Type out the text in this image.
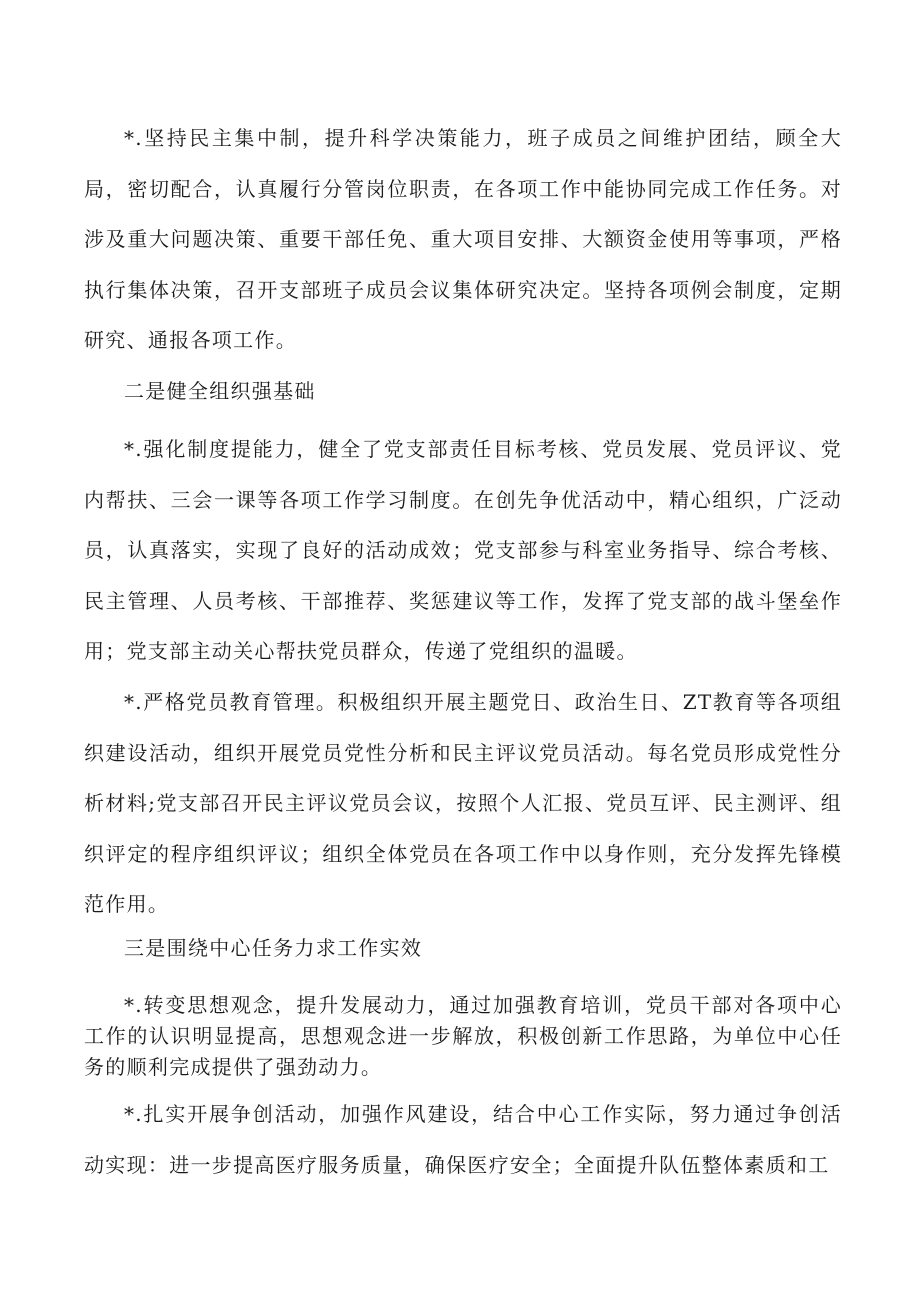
*.坚持民主集中制，提升科学决策能力，班子成员之间维护团结，顾全大局，密切配合，认真履行分管岗位职责，在各项工作中能协同完成工作任务。对涉及重大问题决策、重要干部任免、重大项目安排、大额资金使用等事项，严格执行集体决策，召开支部班子成员会议集体研究决定。坚持各项例会制度，定期研究、通报各项工作。

二是健全组织强基础

*.强化制度提能力，健全了党支部责任目标考核、党员发展、党员评议、党内帮扶、三会一课等各项工作学习制度。在创先争优活动中，精心组织，广泛动员，认真落实，实现了良好的活动成效；党支部参与科室业务指导、综合考核、民主管理、人员考核、干部推荐、奖惩建议等工作，发挥了党支部的战斗堡垒作用；党支部主动关心帮扶党员群众，传递了党组织的温暖。

*.严格党员教育管理。积极组织开展主题党日、政治生日、ZT教育等各项组织建设活动，组织开展党员党性分析和民主评议党员活动。每名党员形成党性分析材料;党支部召开民主评议党员会议，按照个人汇报、党员互评、民主测评、组织评定的程序组织评议；组织全体党员在各项工作中以身作则，充分发挥先锋模范作用。

三是围绕中心任务力求工作实效

*.转变思想观念，提升发展动力，通过加强教育培训，党员干部对各项中心工作的认识明显提高，思想观念进一步解放，积极创新工作思路，为单位中心任务的顺利完成提供了强劲动力。

*.扎实开展争创活动，加强作风建设，结合中心工作实际，努力通过争创活动实现：进一步提高医疗服务质量，确保医疗安全；全面提升队伍整体素质和工
